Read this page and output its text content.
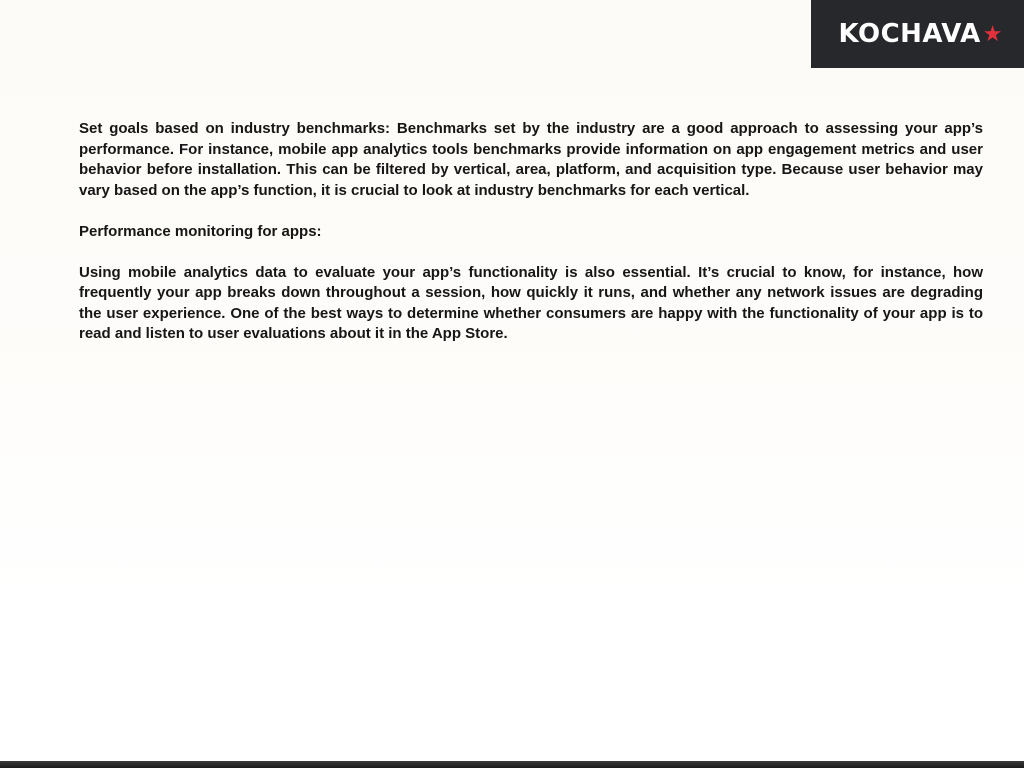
KOCHAVA ★

Set goals based on industry benchmarks: Benchmarks set by the industry are a good approach to assessing your app’s performance. For instance, mobile app analytics tools benchmarks provide information on app engagement metrics and user behavior before installation. This can be filtered by vertical, area, platform, and acquisition type. Because user behavior may vary based on the app’s function, it is crucial to look at industry benchmarks for each vertical.

Performance monitoring for apps:

Using mobile analytics data to evaluate your app’s functionality is also essential. It’s crucial to know, for instance, how frequently your app breaks down throughout a session, how quickly it runs, and whether any network issues are degrading the user experience. One of the best ways to determine whether consumers are happy with the functionality of your app is to read and listen to user evaluations about it in the App Store.
